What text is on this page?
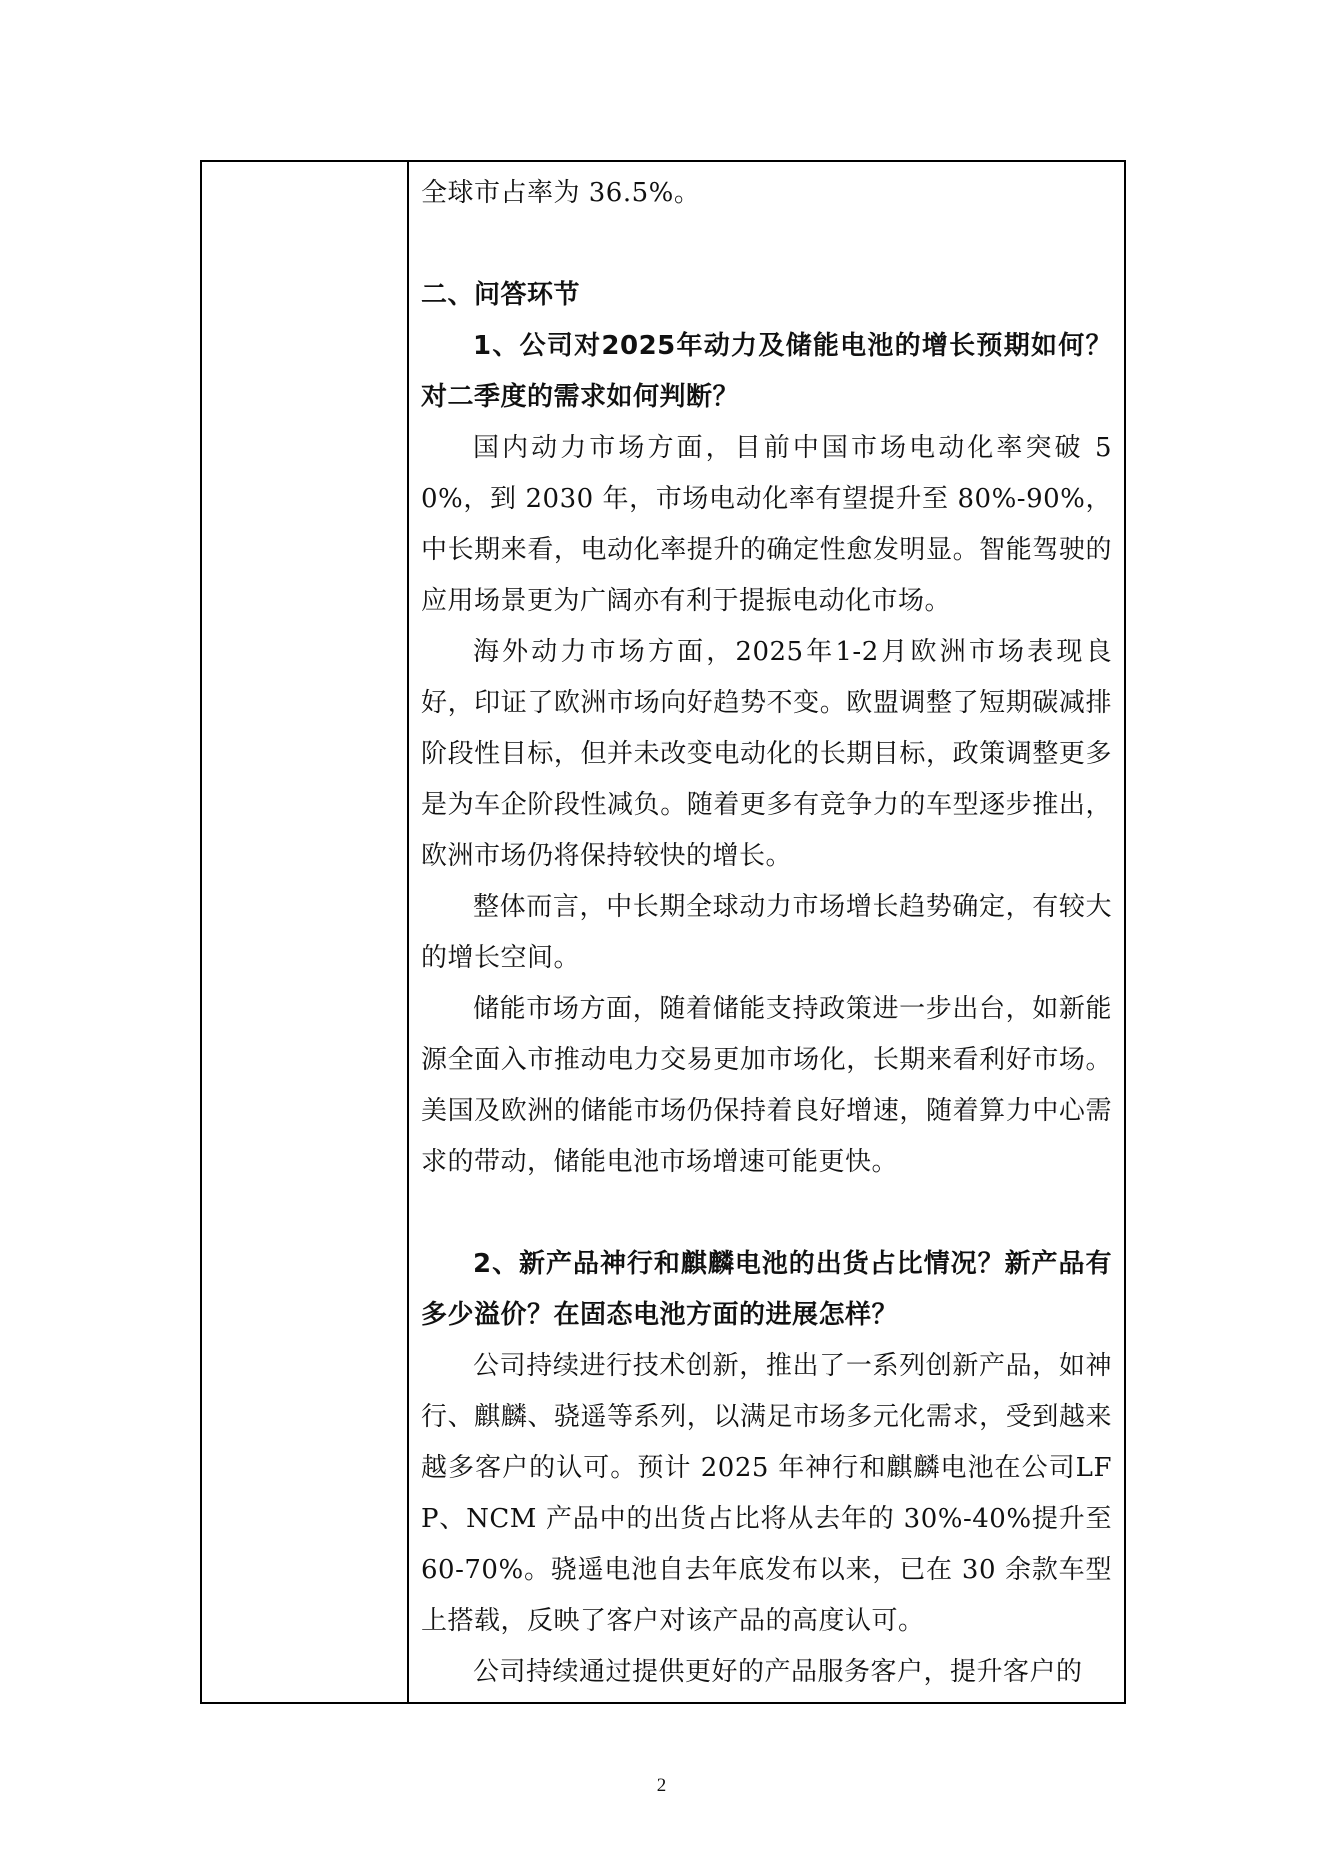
全球市占率为 36.5%。

二、问答环节

1、公司对2025年动力及储能电池的增长预期如何？对二季度的需求如何判断？

国内动力市场方面，目前中国市场电动化率突破 50%，到 2030 年，市场电动化率有望提升至 80%-90%，中长期来看，电动化率提升的确定性愈发明显。智能驾驶的应用场景更为广阔亦有利于提振电动化市场。

海外动力市场方面，2025年1-2月欧洲市场表现良好，印证了欧洲市场向好趋势不变。欧盟调整了短期碳减排阶段性目标，但并未改变电动化的长期目标，政策调整更多是为车企阶段性减负。随着更多有竞争力的车型逐步推出，欧洲市场仍将保持较快的增长。

整体而言，中长期全球动力市场增长趋势确定，有较大的增长空间。

储能市场方面，随着储能支持政策进一步出台，如新能源全面入市推动电力交易更加市场化，长期来看利好市场。美国及欧洲的储能市场仍保持着良好增速，随着算力中心需求的带动，储能电池市场增速可能更快。

2、新产品神行和麒麟电池的出货占比情况？新产品有多少溢价？在固态电池方面的进展怎样？

公司持续进行技术创新，推出了一系列创新产品，如神行、麒麟、骁遥等系列，以满足市场多元化需求，受到越来越多客户的认可。预计 2025 年神行和麒麟电池在公司LFP、NCM 产品中的出货占比将从去年的 30%-40%提升至 60-70%。骁遥电池自去年底发布以来，已在 30 余款车型上搭载，反映了客户对该产品的高度认可。

公司持续通过提供更好的产品服务客户，提升客户的

2
